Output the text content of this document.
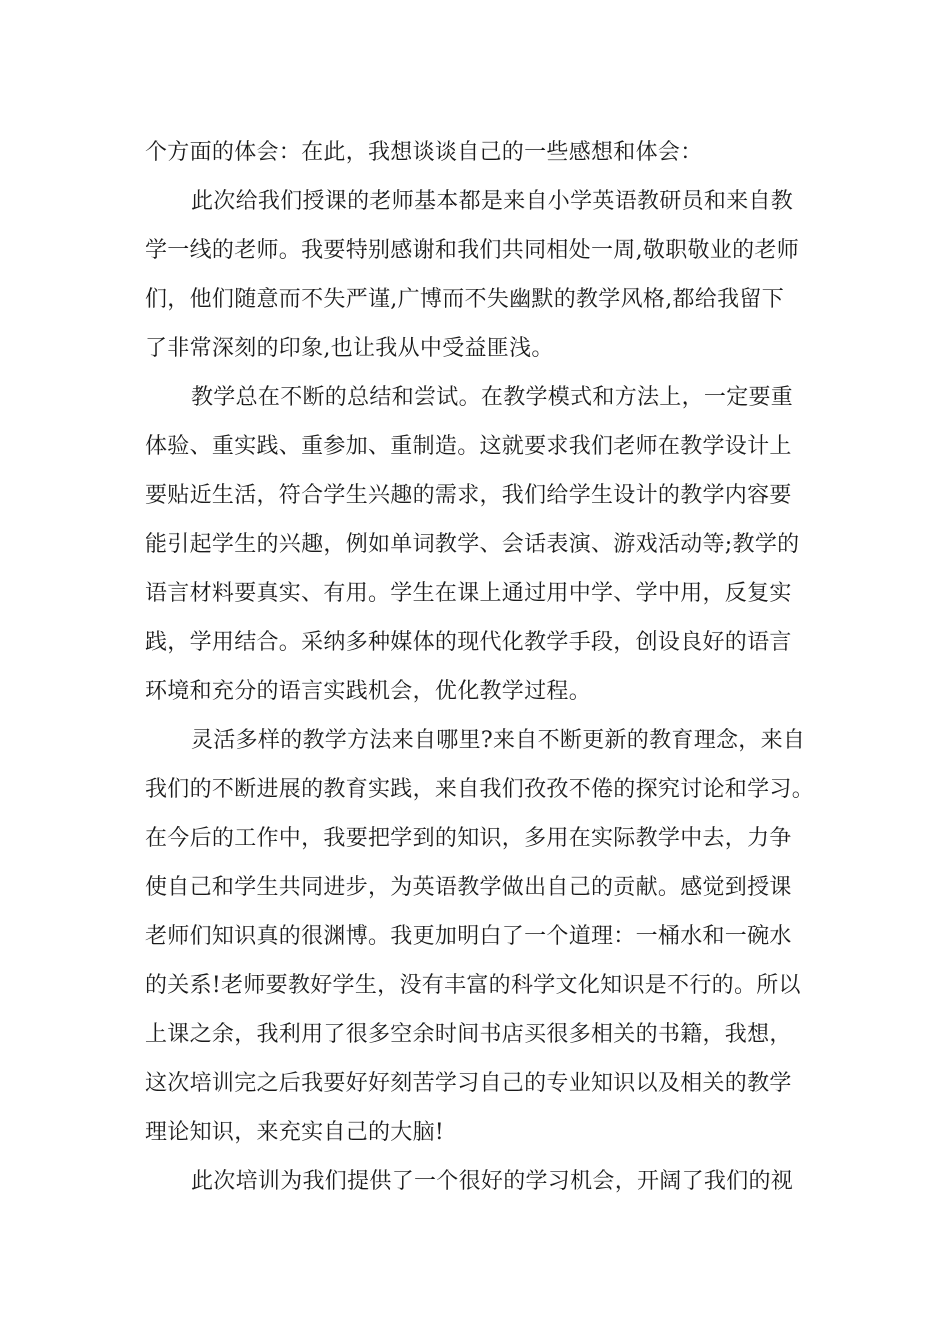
个方面的体会：在此，我想谈谈自己的一些感想和体会：
此次给我们授课的老师基本都是来自小学英语教研员和来自教
学一线的老师。我要特别感谢和我们共同相处一周,敬职敬业的老师
们，他们随意而不失严谨,广博而不失幽默的教学风格,都给我留下
了非常深刻的印象,也让我从中受益匪浅。
教学总在不断的总结和尝试。在教学模式和方法上，一定要重
体验、重实践、重参加、重制造。这就要求我们老师在教学设计上
要贴近生活，符合学生兴趣的需求，我们给学生设计的教学内容要
能引起学生的兴趣，例如单词教学、会话表演、游戏活动等;教学的
语言材料要真实、有用。学生在课上通过用中学、学中用，反复实
践，学用结合。采纳多种媒体的现代化教学手段，创设良好的语言
环境和充分的语言实践机会，优化教学过程。
灵活多样的教学方法来自哪里?来自不断更新的教育理念，来自
我们的不断进展的教育实践，来自我们孜孜不倦的探究讨论和学习。
在今后的工作中，我要把学到的知识，多用在实际教学中去，力争
使自己和学生共同进步，为英语教学做出自己的贡献。感觉到授课
老师们知识真的很渊博。我更加明白了一个道理：一桶水和一碗水
的关系!老师要教好学生，没有丰富的科学文化知识是不行的。所以
上课之余，我利用了很多空余时间书店买很多相关的书籍，我想，
这次培训完之后我要好好刻苦学习自己的专业知识以及相关的教学
理论知识，来充实自己的大脑!
此次培训为我们提供了一个很好的学习机会，开阔了我们的视
